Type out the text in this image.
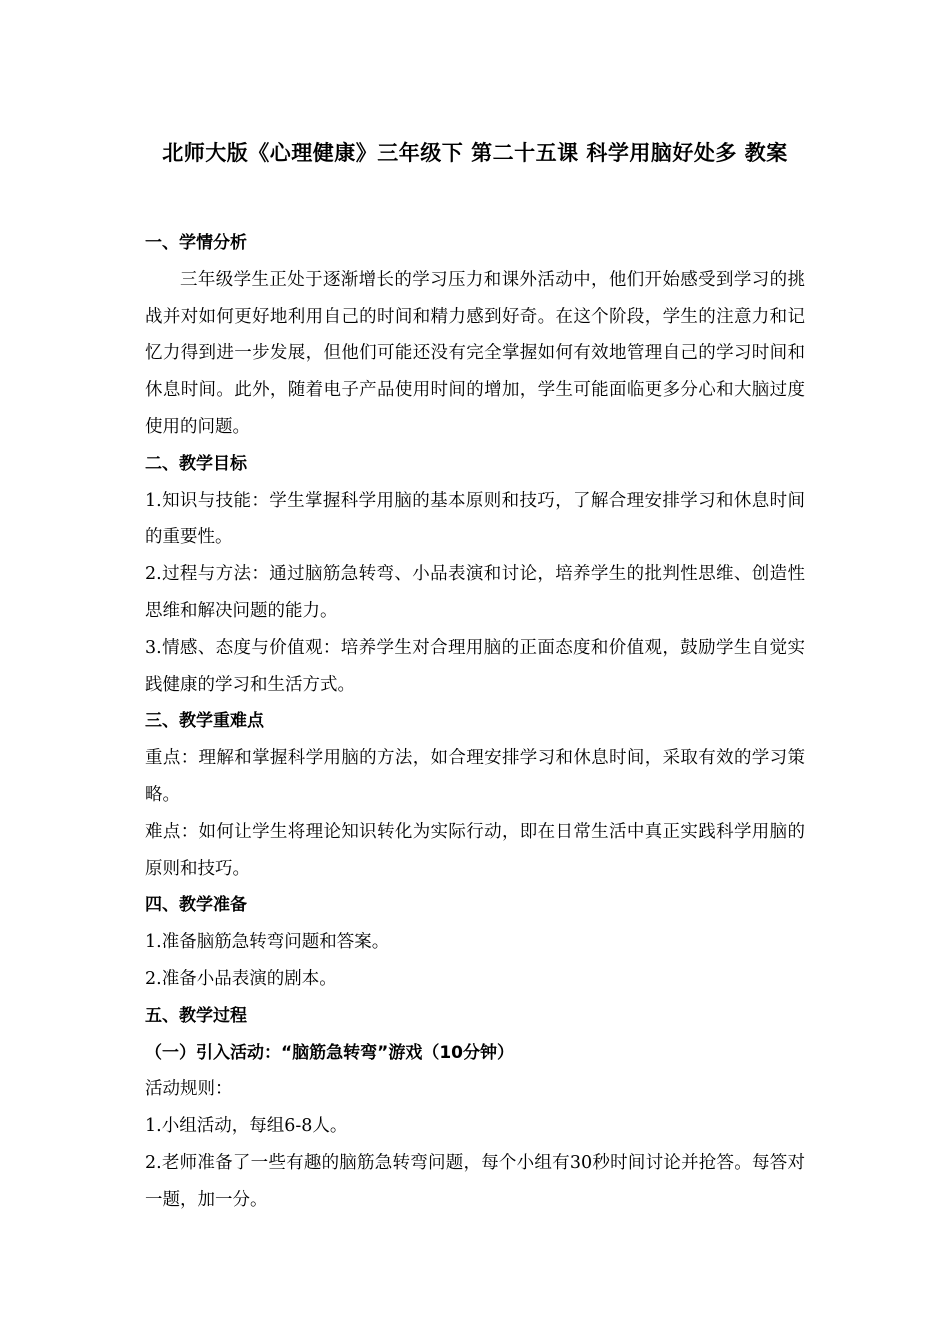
北师大版《心理健康》三年级下 第二十五课 科学用脑好处多 教案

一、学情分析

三年级学生正处于逐渐增长的学习压力和课外活动中，他们开始感受到学习的挑战并对如何更好地利用自己的时间和精力感到好奇。在这个阶段，学生的注意力和记忆力得到进一步发展，但他们可能还没有完全掌握如何有效地管理自己的学习时间和休息时间。此外，随着电子产品使用时间的增加，学生可能面临更多分心和大脑过度使用的问题。

二、教学目标

1.知识与技能：学生掌握科学用脑的基本原则和技巧，了解合理安排学习和休息时间的重要性。

2.过程与方法：通过脑筋急转弯、小品表演和讨论，培养学生的批判性思维、创造性思维和解决问题的能力。

3.情感、态度与价值观：培养学生对合理用脑的正面态度和价值观，鼓励学生自觉实践健康的学习和生活方式。

三、教学重难点

重点：理解和掌握科学用脑的方法，如合理安排学习和休息时间，采取有效的学习策略。

难点：如何让学生将理论知识转化为实际行动，即在日常生活中真正实践科学用脑的原则和技巧。

四、教学准备

1.准备脑筋急转弯问题和答案。

2.准备小品表演的剧本。

五、教学过程

（一）引入活动：“脑筋急转弯”游戏（10分钟）

活动规则：

1.小组活动，每组6-8人。

2.老师准备了一些有趣的脑筋急转弯问题，每个小组有30秒时间讨论并抢答。每答对一题，加一分。
